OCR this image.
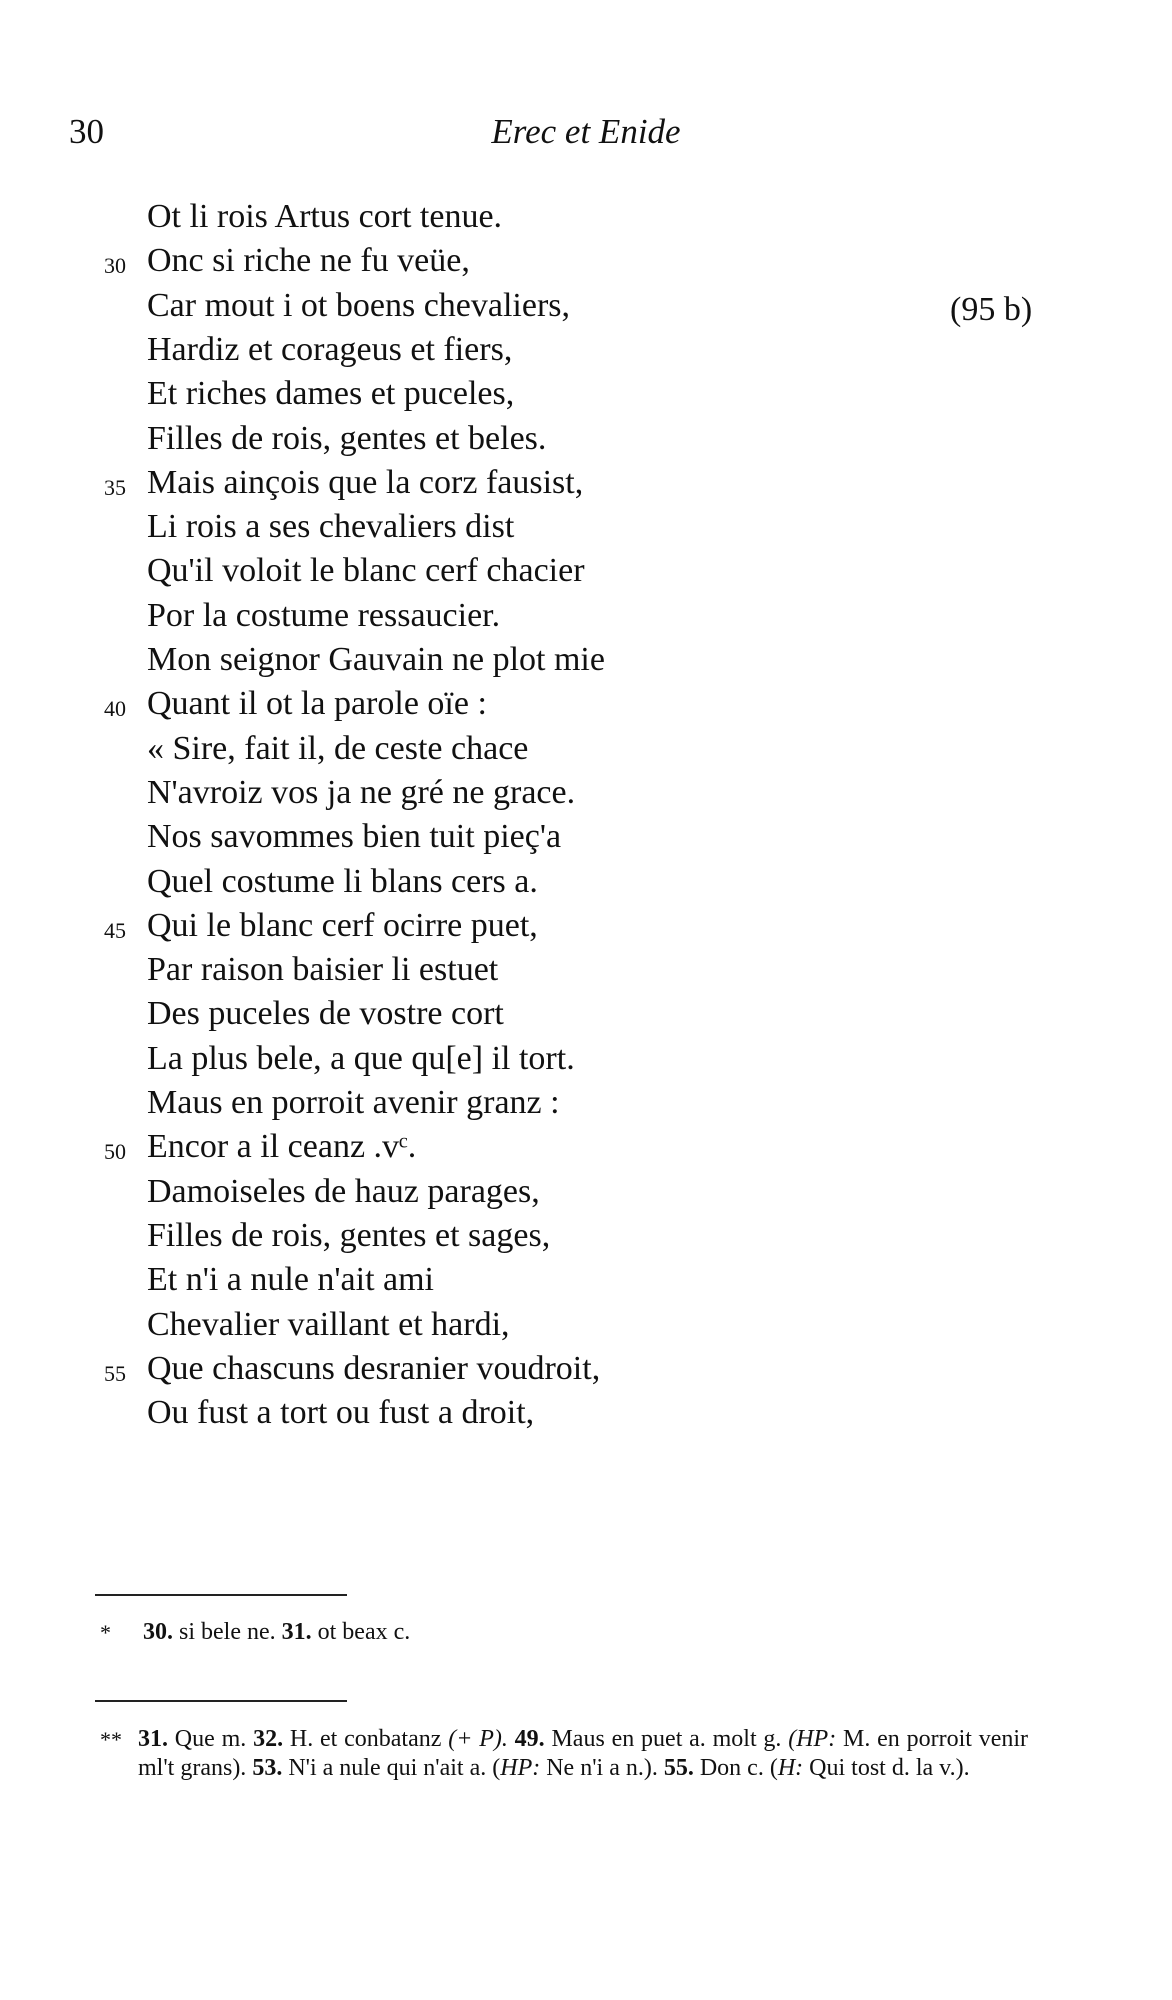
30	Erec et Enide
Ot li rois Artus cort tenue.
Onc si riche ne fu veüe,
30
Car mout i ot boens chevaliers,
Hardiz et corageus et fiers,
Et riches dames et puceles,
Filles de rois, gentes et beles.
Mais ainçois que la corz fausist,
35
Li rois a ses chevaliers dist
Qu'il voloit le blanc cerf chacier
Por la costume ressaucier.
Mon seignor Gauvain ne plot mie
Quant il ot la parole oïe :
40
« Sire, fait il, de ceste chace
N'avroiz vos ja ne gré ne grace.
Nos savommes bien tuit pieç'a
Quel costume li blans cers a.
Qui le blanc cerf ocirre puet,
45
Par raison baisier li estuet
Des puceles de vostre cort
La plus bele, a que qu[e] il tort.
Maus en porroit avenir granz :
Encor a il ceanz .vᶜ.
50
Damoiseles de hauz parages,
Filles de rois, gentes et sages,
Et n'i a nule n'ait ami
Chevalier vaillant et hardi,
Que chascuns desranier voudroit,
55
Ou fust a tort ou fust a droit,
(95 b)
* 30. si bele ne. 31. ot beax c.
** 31. Que m. 32. H. et conbatanz (+ P). 49. Maus en puet a. molt g. (HP: M. en porroit venir ml't grans). 53. N'i a nule qui n'ait a. (HP: Ne n'i a n.). 55. Don c. (H: Qui tost d. la v.).
